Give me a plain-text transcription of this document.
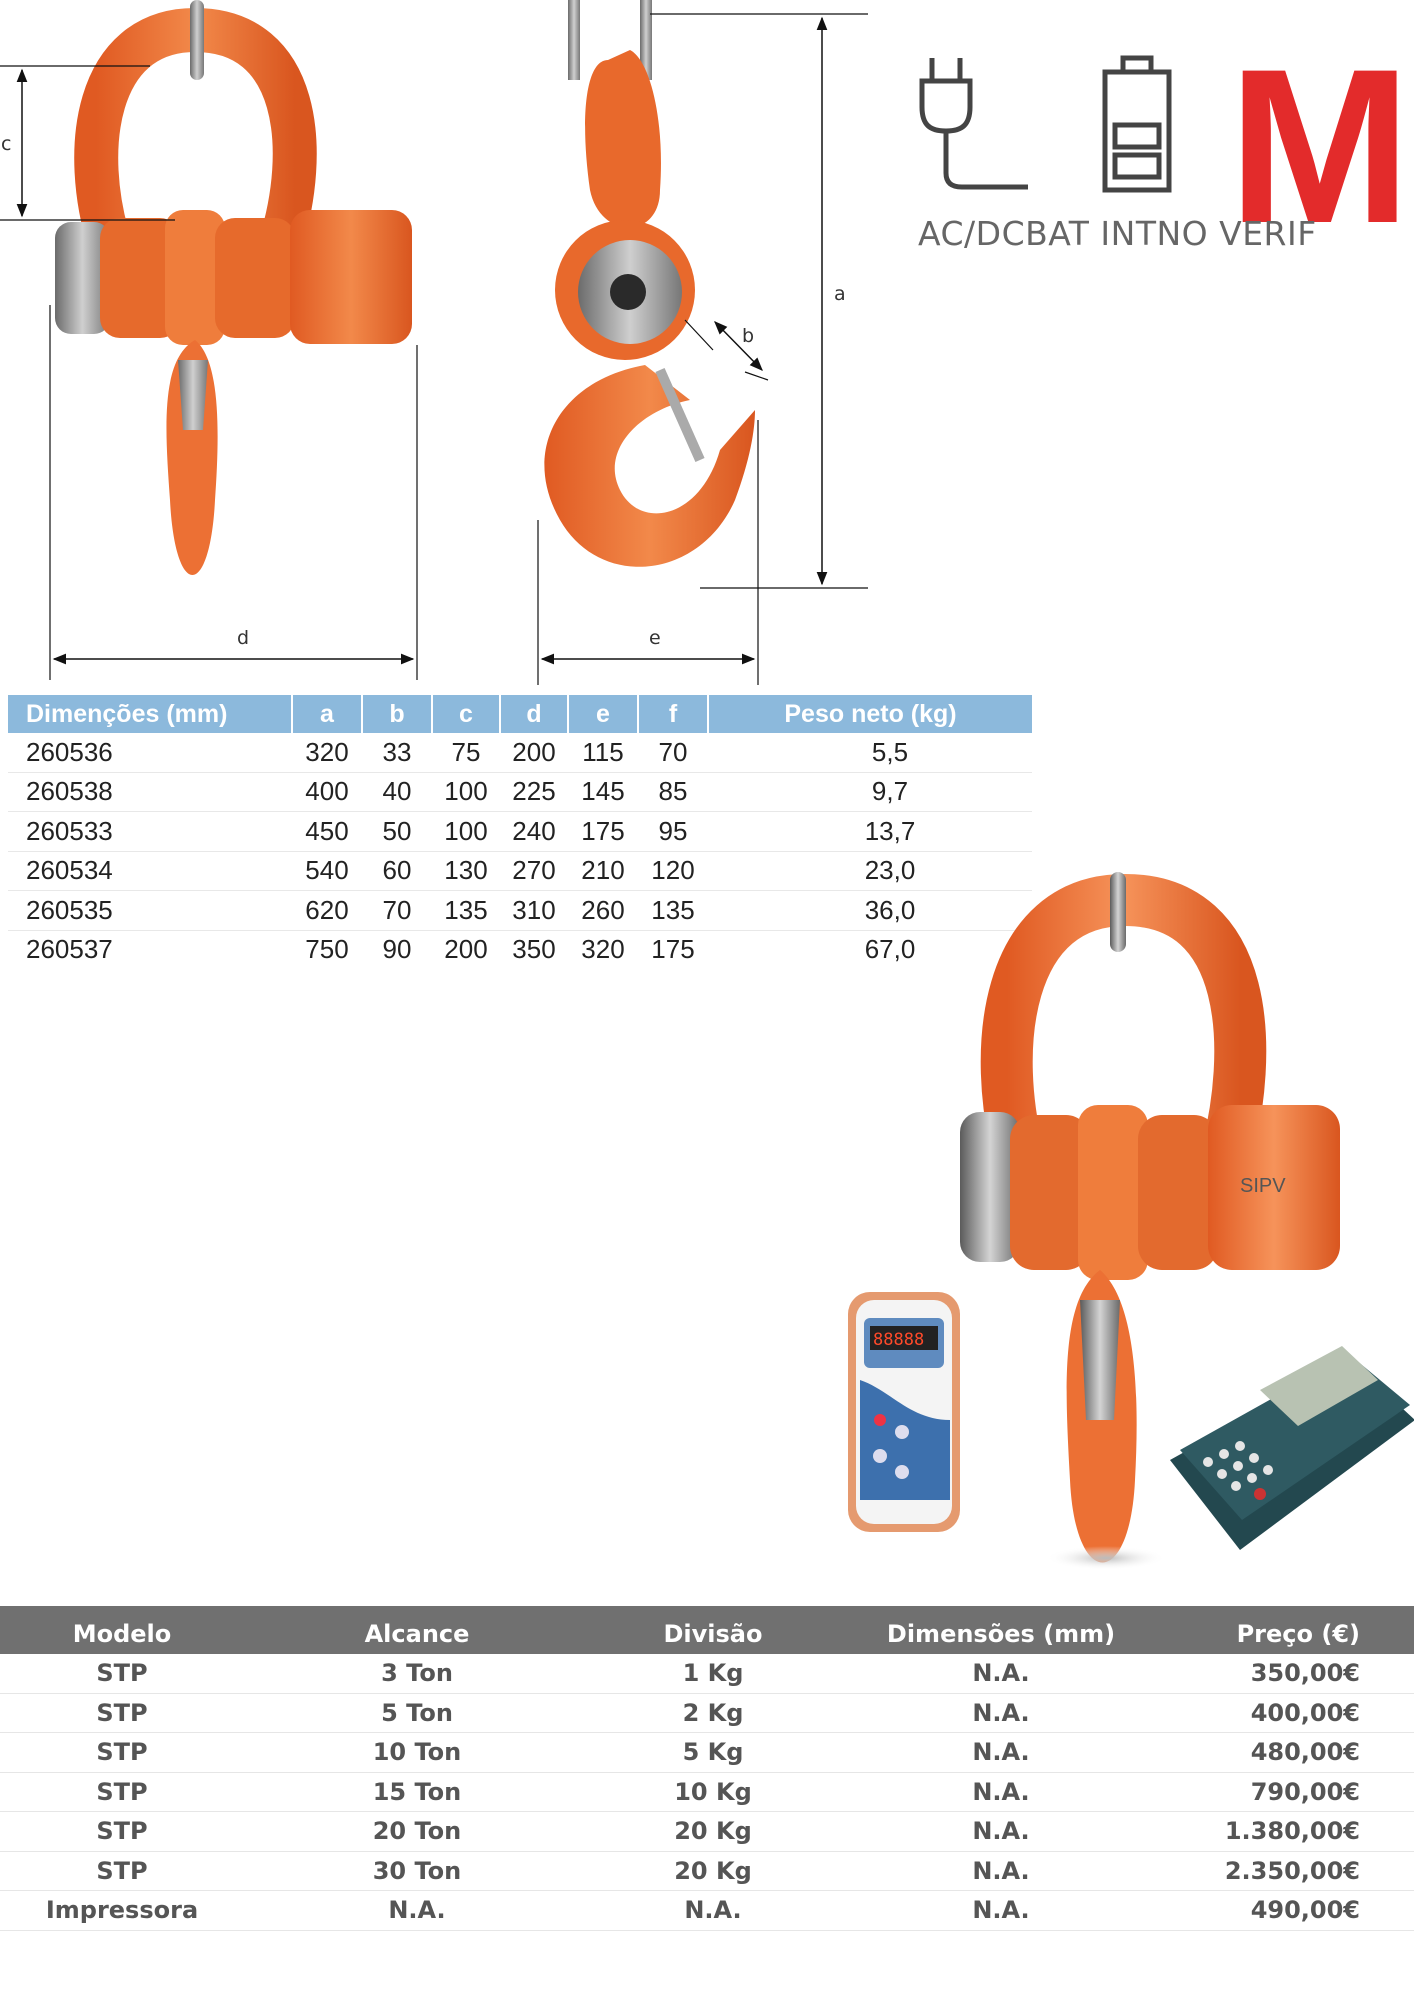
c
d
a
b
e
M
AC/DCBAT INTNO VERIF
Dimenções (mm)	a	b	c	d	e	f	Peso neto (kg)
260536	320	33	75	200	115	70	5,5
260538	400	40	100	225	145	85	9,7
260533	450	50	100	240	175	95	13,7
260534	540	60	130	270	210	120	23,0
260535	620	70	135	310	260	135	36,0
260537	750	90	200	350	320	175	67,0
SIPV
88888
Modelo	Alcance	Divisão	Dimensões (mm)	Preço (€)
STP	3 Ton	1 Kg	N.A.	350,00€
STP	5 Ton	2 Kg	N.A.	400,00€
STP	10 Ton	5 Kg	N.A.	480,00€
STP	15 Ton	10 Kg	N.A.	790,00€
STP	20 Ton	20 Kg	N.A.	1.380,00€
STP	30 Ton	20 Kg	N.A.	2.350,00€
Impressora	N.A.	N.A.	N.A.	490,00€
